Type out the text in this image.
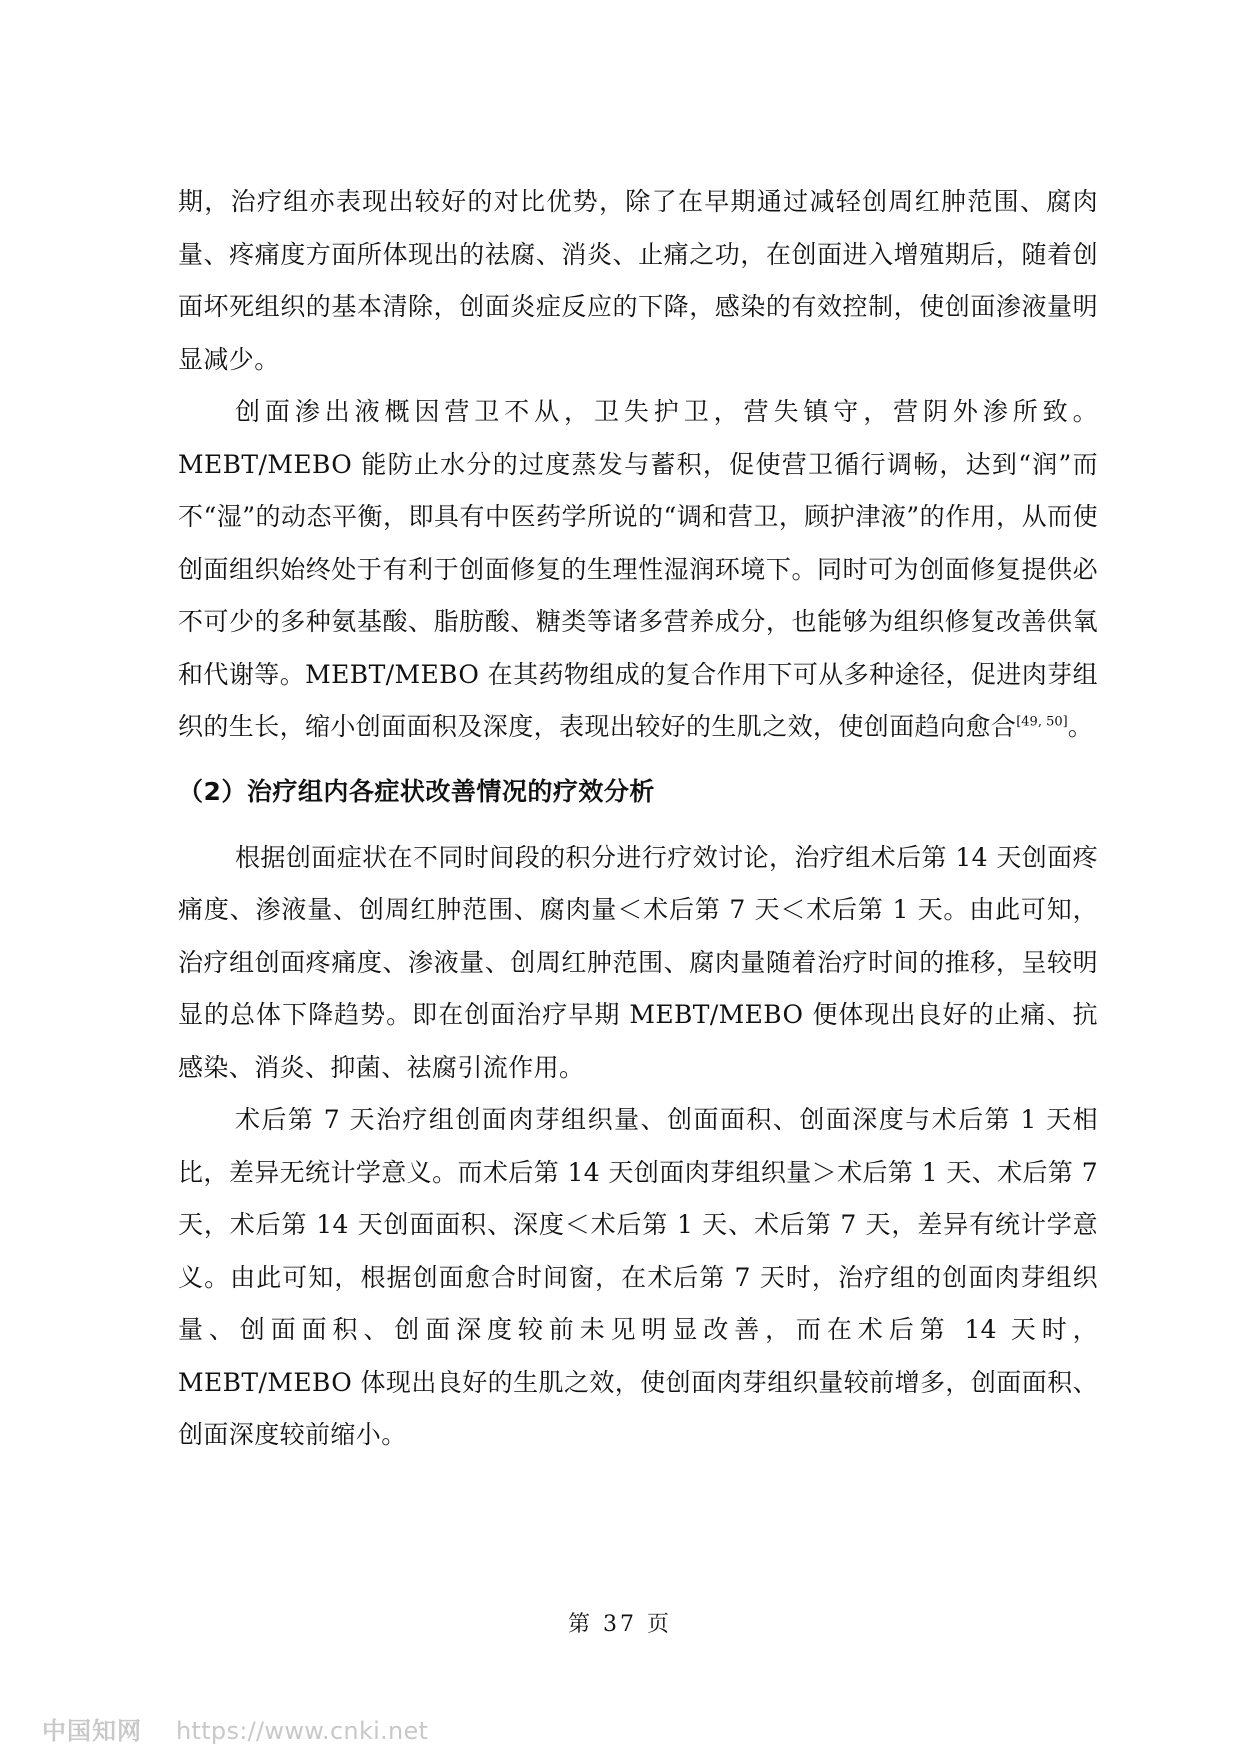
期，治疗组亦表现出较好的对比优势，除了在早期通过减轻创周红肿范围、腐肉量、疼痛度方面所体现出的祛腐、消炎、止痛之功，在创面进入增殖期后，随着创面坏死组织的基本清除，创面炎症反应的下降，感染的有效控制，使创面渗液量明显减少。

创面渗出液概因营卫不从，卫失护卫，营失镇守，营阴外渗所致。MEBT/MEBO 能防止水分的过度蒸发与蓄积，促使营卫循行调畅，达到“润”而不“湿”的动态平衡，即具有中医药学所说的“调和营卫，顾护津液”的作用，从而使创面组织始终处于有利于创面修复的生理性湿润环境下。同时可为创面修复提供必不可少的多种氨基酸、脂肪酸、糖类等诸多营养成分，也能够为组织修复改善供氧和代谢等。MEBT/MEBO 在其药物组成的复合作用下可从多种途径，促进肉芽组织的生长，缩小创面面积及深度，表现出较好的生肌之效，使创面趋向愈合[49, 50]。

（2）治疗组内各症状改善情况的疗效分析

根据创面症状在不同时间段的积分进行疗效讨论，治疗组术后第 14 天创面疼痛度、渗液量、创周红肿范围、腐肉量＜术后第 7 天＜术后第 1 天。由此可知，治疗组创面疼痛度、渗液量、创周红肿范围、腐肉量随着治疗时间的推移，呈较明显的总体下降趋势。即在创面治疗早期 MEBT/MEBO 便体现出良好的止痛、抗感染、消炎、抑菌、祛腐引流作用。

术后第 7 天治疗组创面肉芽组织量、创面面积、创面深度与术后第 1 天相比，差异无统计学意义。而术后第 14 天创面肉芽组织量＞术后第 1 天、术后第 7 天，术后第 14 天创面面积、深度＜术后第 1 天、术后第 7 天，差异有统计学意义。由此可知，根据创面愈合时间窗，在术后第 7 天时，治疗组的创面肉芽组织量、创面面积、创面深度较前未见明显改善，而在术后第 14 天时，MEBT/MEBO 体现出良好的生肌之效，使创面肉芽组织量较前增多，创面面积、创面深度较前缩小。

第 37 页
中国知网 https://www.cnki.net
